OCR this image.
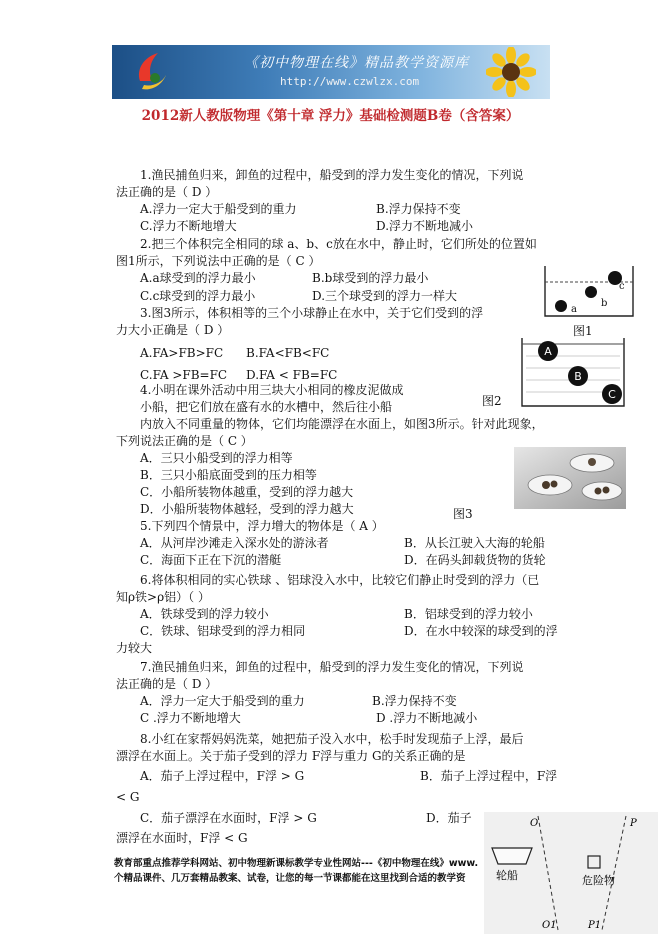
《初中物理在线》精品教学资源库
http://www.czwlzx.com
2012新人教版物理《第十章 浮力》基础检测题B卷（含答案）
1.渔民捕鱼归来，卸鱼的过程中，船受到的浮力发生变化的情况，下列说
法正确的是（ D ）
A.浮力一定大于船受到的重力	B.浮力保持不变
C.浮力不断地增大	D.浮力不断地减小
2.把三个体积完全相同的球 a、b、c放在水中，静止时，它们所处的位置如
图1所示，下列说法中正确的是（ C ）
A.a球受到的浮力最小	B.b球受到的浮力最小
C.c球受到的浮力最小	D.三个球受到的浮力一样大
3.图3所示，体积相等的三个小球静止在水中，关于它们受到的浮
力大小正确是（ D ）
A.FA>FB>FC B.FA<FB<FC
C.FA >FB=FC D.FA < FB=FC
4.小明在课外活动中用三块大小相同的橡皮泥做成
小船，把它们放在盛有水的水槽中，然后往小船
内放入不同重量的物体，它们均能漂浮在水面上，如图3所示。针对此现象，
下列说法正确的是（ C ）
A．三只小船受到的浮力相等
B．三只小船底面受到的压力相等
C．小船所装物体越重，受到的浮力越大
D．小船所装物体越轻，受到的浮力越大
5.下列四个情景中，浮力增大的物体是（ A ）
A．从河岸沙滩走入深水处的游泳者	B．从长江驶入大海的轮船
C．海面下正在下沉的潜艇	D．在码头卸载货物的货轮
6.将体积相同的实心铁球 、铝球没入水中，比较它们静止时受到的浮力（已
知ρ铁>ρ铝）（ ）
A．铁球受到的浮力较小	B．铝球受到的浮力较小
C．铁球、铝球受到的浮力相同	D．在水中较深的球受到的浮
力较大
7.渔民捕鱼归来，卸鱼的过程中，船受到的浮力发生变化的情况，下列说
法正确的是（ D ）
A．浮力一定大于船受到的重力	B.浮力保持不变
C .浮力不断地增大	D .浮力不断地减小
8.小红在家帮妈妈洗菜，她把茄子没入水中，松手时发现茄子上浮，最后
漂浮在水面上。关于茄子受到的浮力 F浮与重力 G的关系正确的是
A．茄子上浮过程中，F浮 > G	B．茄子上浮过程中，F浮
< G
C．茄子漂浮在水面时，F浮 > G	D．茄子
漂浮在水面时，F浮 < G
c
b
a
图1
A
B
C
图2
图3
O	P
O1	P1
轮船	危险物
教育部重点推荐学科网站、初中物理新课标教学专业性网站---《初中物理在线》www.
个精品课件、几万套精品教案、试卷，让您的每一节课都能在这里找到合适的教学资
